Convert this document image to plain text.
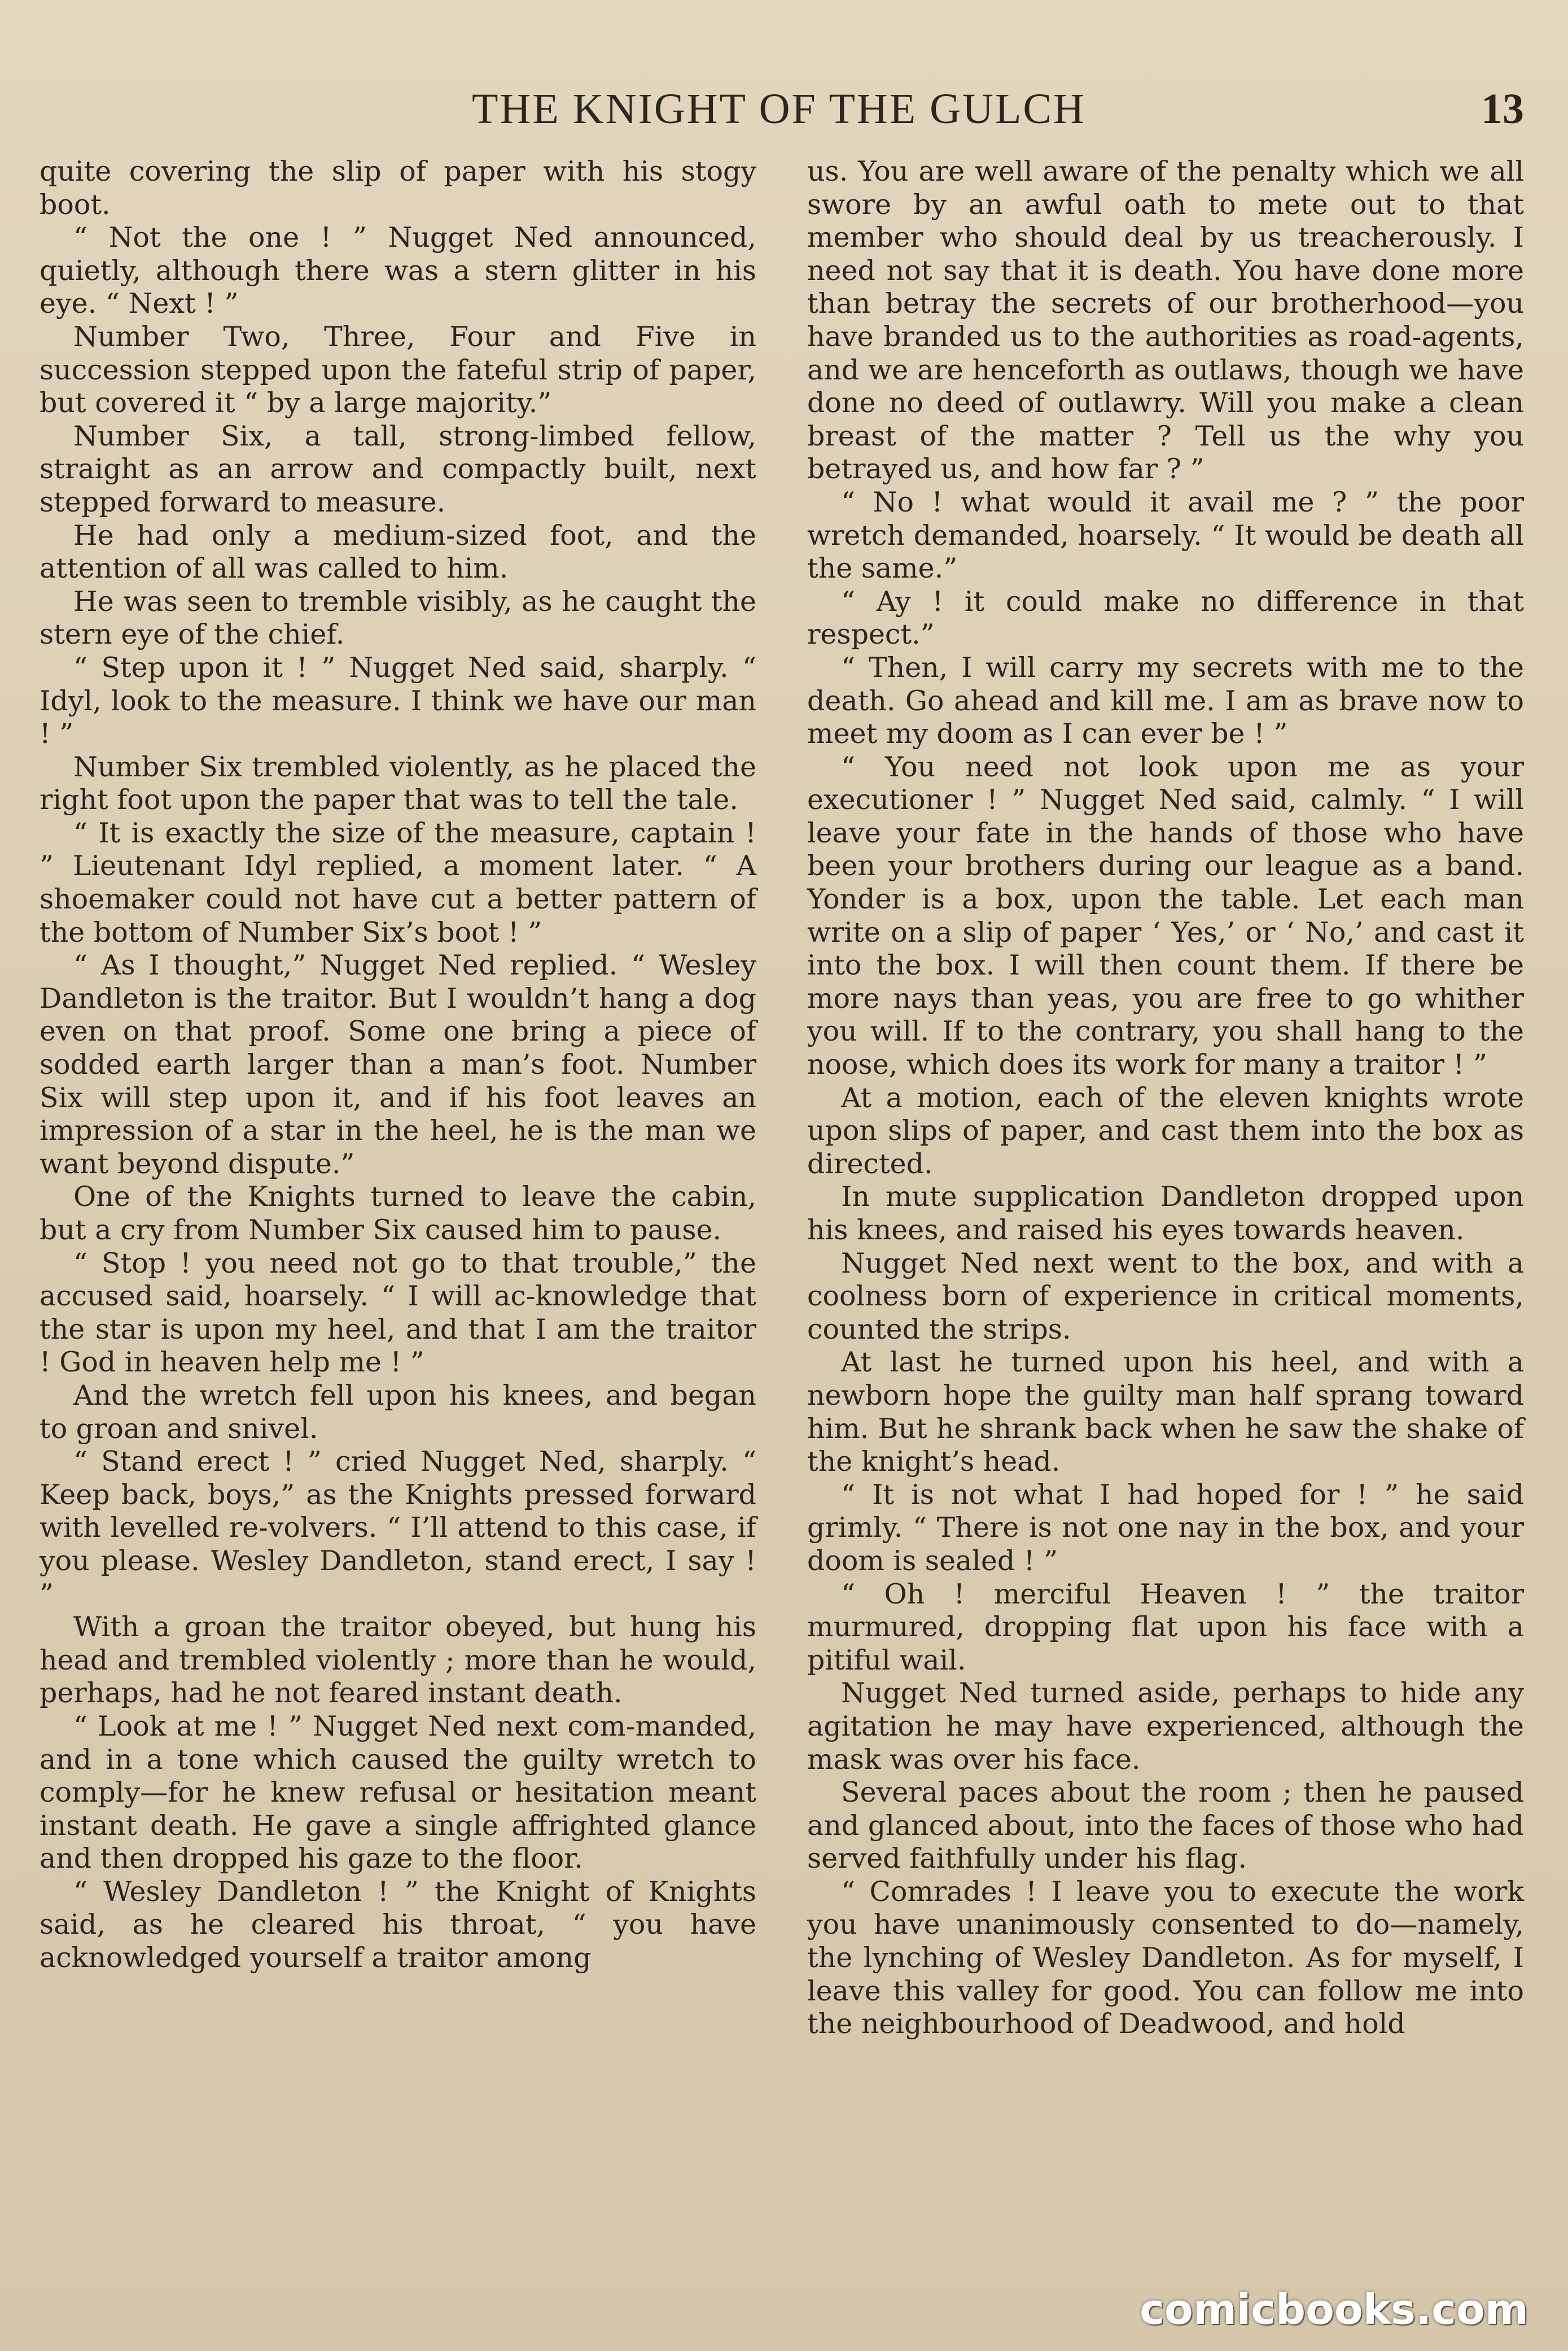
THE KNIGHT OF THE GULCH	13

quite covering the slip of paper with his stogy boot.

“ Not the one ! ” Nugget Ned announced, quietly, although there was a stern glitter in his eye. “ Next ! ”

Number Two, Three, Four and Five in succession stepped upon the fateful strip of paper, but covered it “ by a large majority.”

Number Six, a tall, strong-limbed fellow, straight as an arrow and compactly built, next stepped forward to measure.

He had only a medium-sized foot, and the attention of all was called to him.

He was seen to tremble visibly, as he caught the stern eye of the chief.

“ Step upon it ! ” Nugget Ned said, sharply. “ Idyl, look to the measure. I think we have our man ! ”

Number Six trembled violently, as he placed the right foot upon the paper that was to tell the tale.

“ It is exactly the size of the measure, captain ! ” Lieutenant Idyl replied, a moment later. “ A shoemaker could not have cut a better pattern of the bottom of Number Six’s boot ! ”

“ As I thought,” Nugget Ned replied. “ Wesley Dandleton is the traitor. But I wouldn’t hang a dog even on that proof. Some one bring a piece of sodded earth larger than a man’s foot. Number Six will step upon it, and if his foot leaves an impression of a star in the heel, he is the man we want beyond dispute.”

One of the Knights turned to leave the cabin, but a cry from Number Six caused him to pause.

“ Stop ! you need not go to that trouble,” the accused said, hoarsely. “ I will ac-knowledge that the star is upon my heel, and that I am the traitor ! God in heaven help me ! ”

And the wretch fell upon his knees, and began to groan and snivel.

“ Stand erect ! ” cried Nugget Ned, sharply. “ Keep back, boys,” as the Knights pressed forward with levelled re-volvers. “ I’ll attend to this case, if you please. Wesley Dandleton, stand erect, I say ! ”

With a groan the traitor obeyed, but hung his head and trembled violently ; more than he would, perhaps, had he not feared instant death.

“ Look at me ! ” Nugget Ned next com-manded, and in a tone which caused the guilty wretch to comply—for he knew refusal or hesitation meant instant death. He gave a single affrighted glance and then dropped his gaze to the floor.

“ Wesley Dandleton ! ” the Knight of Knights said, as he cleared his throat, “ you have acknowledged yourself a traitor among

us. You are well aware of the penalty which we all swore by an awful oath to mete out to that member who should deal by us treacherously. I need not say that it is death. You have done more than betray the secrets of our brotherhood—you have branded us to the authorities as road-agents, and we are henceforth as outlaws, though we have done no deed of outlawry. Will you make a clean breast of the matter ? Tell us the why you betrayed us, and how far ? ”

“ No ! what would it avail me ? ” the poor wretch demanded, hoarsely. “ It would be death all the same.”

“ Ay ! it could make no difference in that respect.”

“ Then, I will carry my secrets with me to the death. Go ahead and kill me. I am as brave now to meet my doom as I can ever be ! ”

“ You need not look upon me as your executioner ! ” Nugget Ned said, calmly. “ I will leave your fate in the hands of those who have been your brothers during our league as a band. Yonder is a box, upon the table. Let each man write on a slip of paper ‘ Yes,’ or ‘ No,’ and cast it into the box. I will then count them. If there be more nays than yeas, you are free to go whither you will. If to the contrary, you shall hang to the noose, which does its work for many a traitor ! ”

At a motion, each of the eleven knights wrote upon slips of paper, and cast them into the box as directed.

In mute supplication Dandleton dropped upon his knees, and raised his eyes towards heaven.

Nugget Ned next went to the box, and with a coolness born of experience in critical moments, counted the strips.

At last he turned upon his heel, and with a newborn hope the guilty man half sprang toward him. But he shrank back when he saw the shake of the knight’s head.

“ It is not what I had hoped for ! ” he said grimly. “ There is not one nay in the box, and your doom is sealed ! ”

“ Oh ! merciful Heaven ! ” the traitor murmured, dropping flat upon his face with a pitiful wail.

Nugget Ned turned aside, perhaps to hide any agitation he may have experienced, although the mask was over his face.

Several paces about the room ; then he paused and glanced about, into the faces of those who had served faithfully under his flag.

“ Comrades ! I leave you to execute the work you have unanimously consented to do—namely, the lynching of Wesley Dandleton. As for myself, I leave this valley for good. You can follow me into the neighbourhood of Deadwood, and hold

comicbooks.com
